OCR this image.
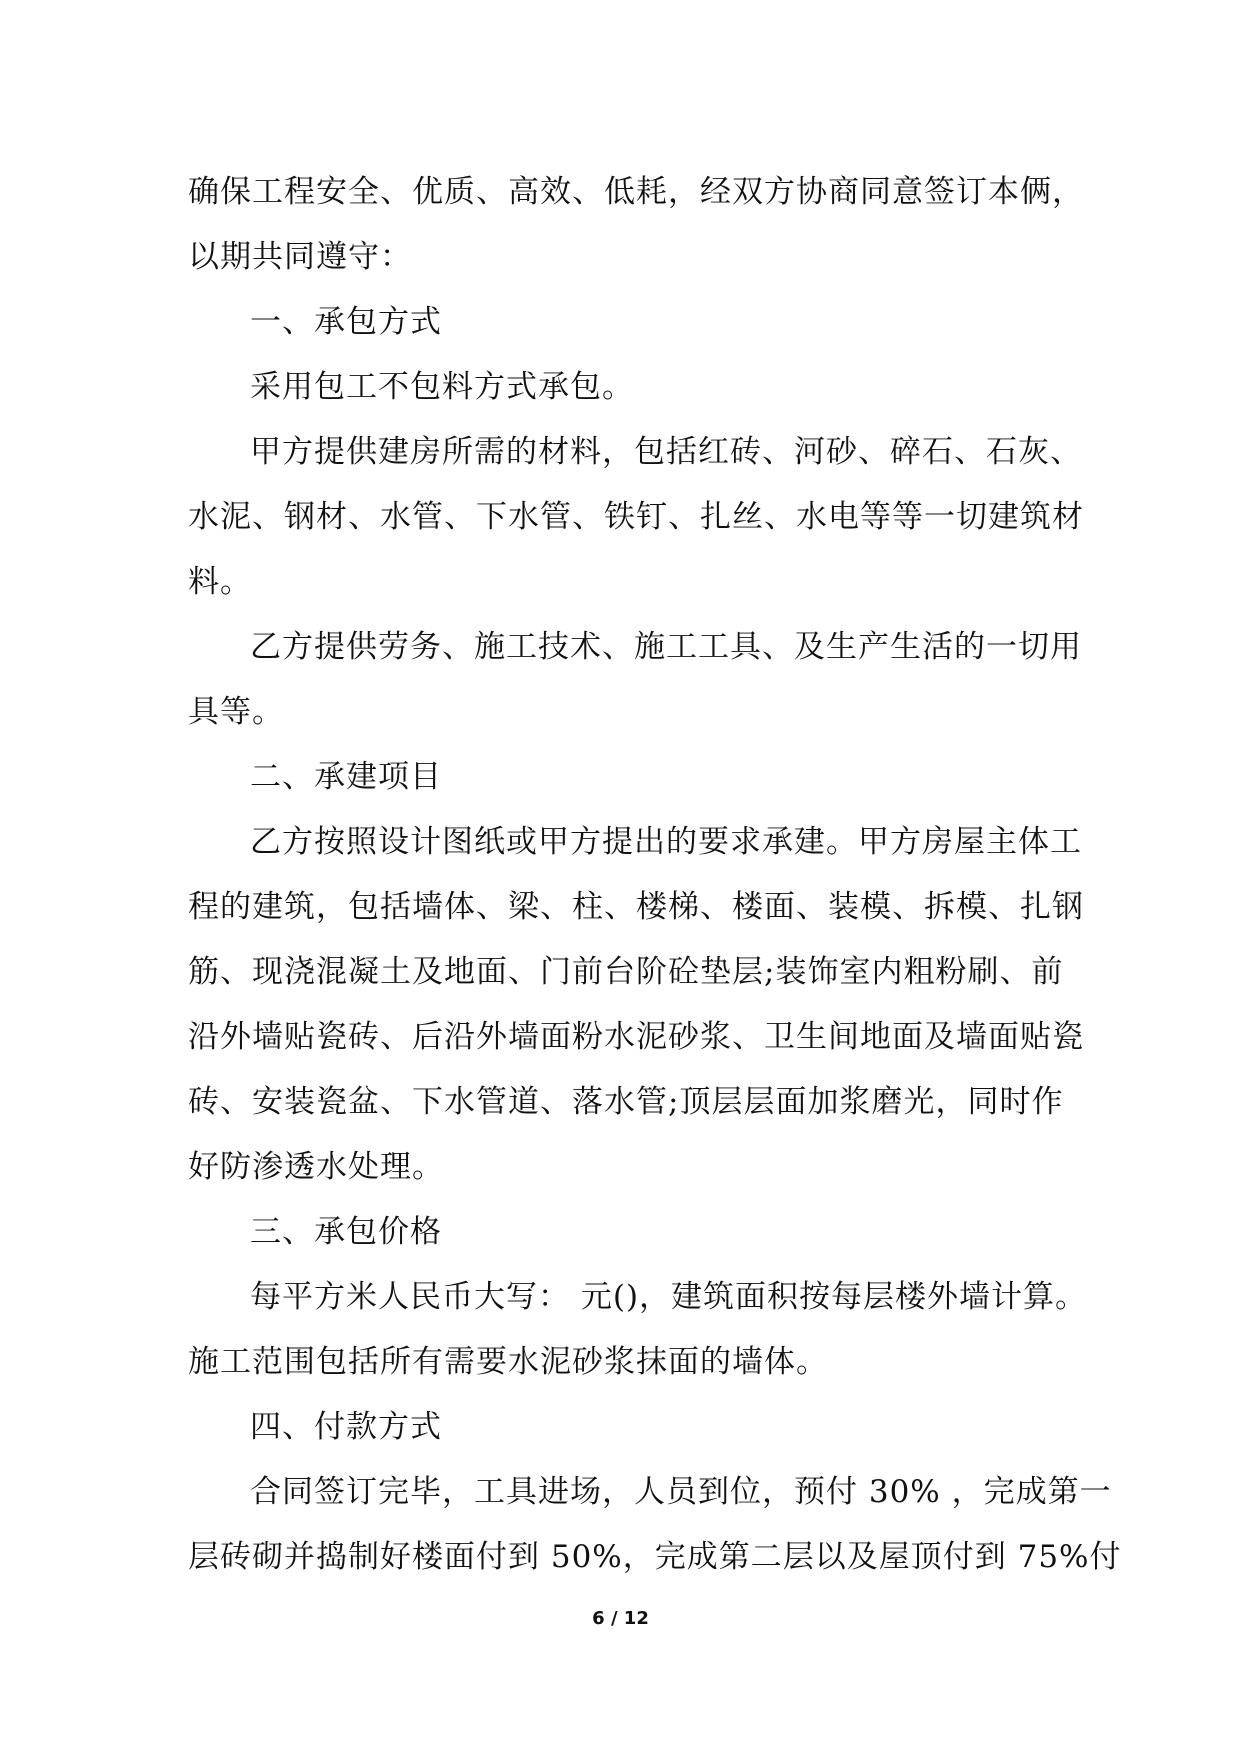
确保工程安全、优质、高效、低耗，经双方协商同意签订本俩，
以期共同遵守：
一、承包方式
采用包工不包料方式承包。
甲方提供建房所需的材料，包括红砖、河砂、碎石、石灰、
水泥、钢材、水管、下水管、铁钉、扎丝、水电等等一切建筑材
料。
乙方提供劳务、施工技术、施工工具、及生产生活的一切用
具等。
二、承建项目
乙方按照设计图纸或甲方提出的要求承建。甲方房屋主体工
程的建筑，包括墙体、梁、柱、楼梯、楼面、装模、拆模、扎钢
筋、现浇混凝土及地面、门前台阶砼垫层;装饰室内粗粉刷、前
沿外墙贴瓷砖、后沿外墙面粉水泥砂浆、卫生间地面及墙面贴瓷
砖、安装瓷盆、下水管道、落水管;顶层层面加浆磨光，同时作
好防渗透水处理。
三、承包价格
每平方米人民币大写： 元()，建筑面积按每层楼外墙计算。
施工范围包括所有需要水泥砂浆抹面的墙体。
四、付款方式
合同签订完毕，工具进场，人员到位，预付 30% ，完成第一
层砖砌并捣制好楼面付到 50%，完成第二层以及屋顶付到 75%付
6 / 12
